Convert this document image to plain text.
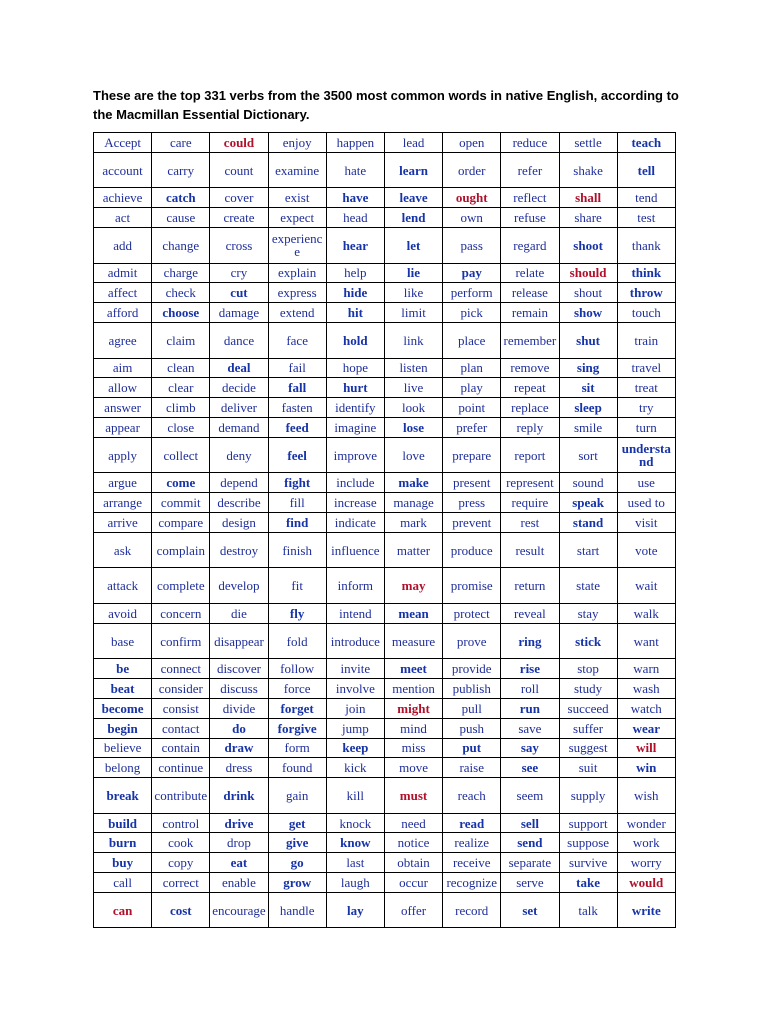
These are the top 331 verbs from the 3500 most common words in native English, according to the Macmillan Essential Dictionary.
Accept	care	could	enjoy	happen	lead	open	reduce	settle	teach
account	carry	count	examine	hate	learn	order	refer	shake	tell
achieve	catch	cover	exist	have	leave	ought	reflect	shall	tend
act	cause	create	expect	head	lend	own	refuse	share	test
add	change	cross	experience	hear	let	pass	regard	shoot	thank
admit	charge	cry	explain	help	lie	pay	relate	should	think
affect	check	cut	express	hide	like	perform	release	shout	throw
afford	choose	damage	extend	hit	limit	pick	remain	show	touch
agree	claim	dance	face	hold	link	place	remember	shut	train
aim	clean	deal	fail	hope	listen	plan	remove	sing	travel
allow	clear	decide	fall	hurt	live	play	repeat	sit	treat
answer	climb	deliver	fasten	identify	look	point	replace	sleep	try
appear	close	demand	feed	imagine	lose	prefer	reply	smile	turn
apply	collect	deny	feel	improve	love	prepare	report	sort	understand
argue	come	depend	fight	include	make	present	represent	sound	use
arrange	commit	describe	fill	increase	manage	press	require	speak	used to
arrive	compare	design	find	indicate	mark	prevent	rest	stand	visit
ask	complain	destroy	finish	influence	matter	produce	result	start	vote
attack	complete	develop	fit	inform	may	promise	return	state	wait
avoid	concern	die	fly	intend	mean	protect	reveal	stay	walk
base	confirm	disappear	fold	introduce	measure	prove	ring	stick	want
be	connect	discover	follow	invite	meet	provide	rise	stop	warn
beat	consider	discuss	force	involve	mention	publish	roll	study	wash
become	consist	divide	forget	join	might	pull	run	succeed	watch
begin	contact	do	forgive	jump	mind	push	save	suffer	wear
believe	contain	draw	form	keep	miss	put	say	suggest	will
belong	continue	dress	found	kick	move	raise	see	suit	win
break	contribute	drink	gain	kill	must	reach	seem	supply	wish
build	control	drive	get	knock	need	read	sell	support	wonder
burn	cook	drop	give	know	notice	realize	send	suppose	work
buy	copy	eat	go	last	obtain	receive	separate	survive	worry
call	correct	enable	grow	laugh	occur	recognize	serve	take	would
can	cost	encourage	handle	lay	offer	record	set	talk	write
